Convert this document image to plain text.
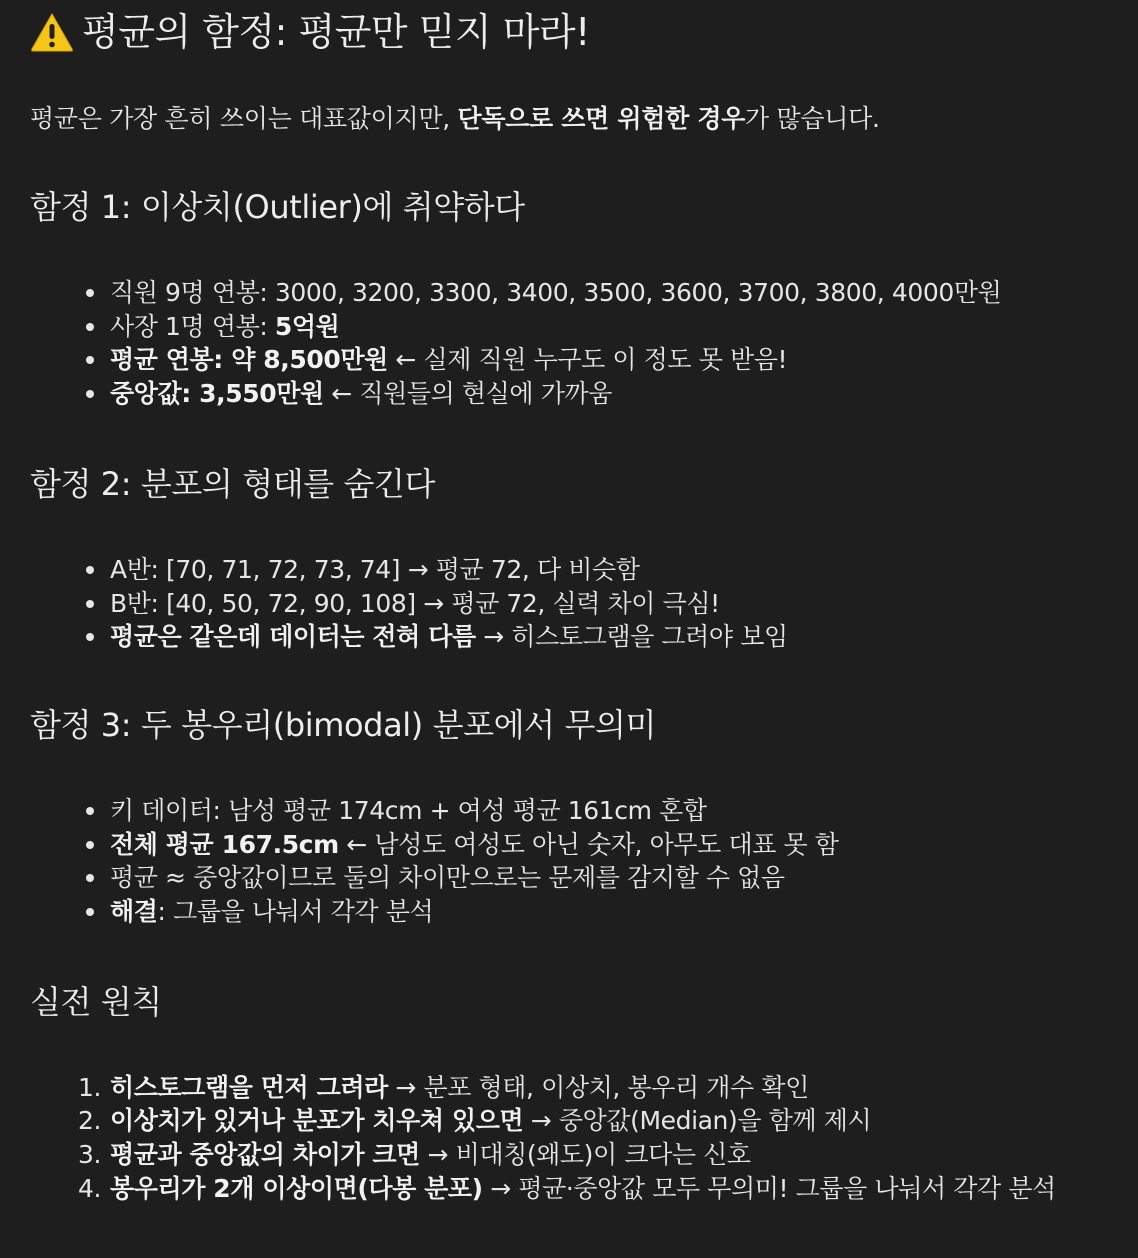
평균의 함정: 평균만 믿지 마라!

평균은 가장 흔히 쓰이는 대표값이지만, 단독으로 쓰면 위험한 경우가 많습니다.

함정 1: 이상치(Outlier)에 취약하다
직원 9명 연봉: 3000, 3200, 3300, 3400, 3500, 3600, 3700, 3800, 4000만원
사장 1명 연봉: 5억원
평균 연봉: 약 8,500만원 ← 실제 직원 누구도 이 정도 못 받음!
중앙값: 3,550만원 ← 직원들의 현실에 가까움
함정 2: 분포의 형태를 숨긴다
A반: [70, 71, 72, 73, 74] → 평균 72, 다 비슷함
B반: [40, 50, 72, 90, 108] → 평균 72, 실력 차이 극심!
평균은 같은데 데이터는 전혀 다름 → 히스토그램을 그려야 보임
함정 3: 두 봉우리(bimodal) 분포에서 무의미
키 데이터: 남성 평균 174cm + 여성 평균 161cm 혼합
전체 평균 167.5cm ← 남성도 여성도 아닌 숫자, 아무도 대표 못 함
평균 ≈ 중앙값이므로 둘의 차이만으로는 문제를 감지할 수 없음
해결: 그룹을 나눠서 각각 분석
실전 원칙
1. 히스토그램을 먼저 그려라 → 분포 형태, 이상치, 봉우리 개수 확인
2. 이상치가 있거나 분포가 치우쳐 있으면 → 중앙값(Median)을 함께 제시
3. 평균과 중앙값의 차이가 크면 → 비대칭(왜도)이 크다는 신호
4. 봉우리가 2개 이상이면(다봉 분포) → 평균·중앙값 모두 무의미! 그룹을 나눠서 각각 분석
